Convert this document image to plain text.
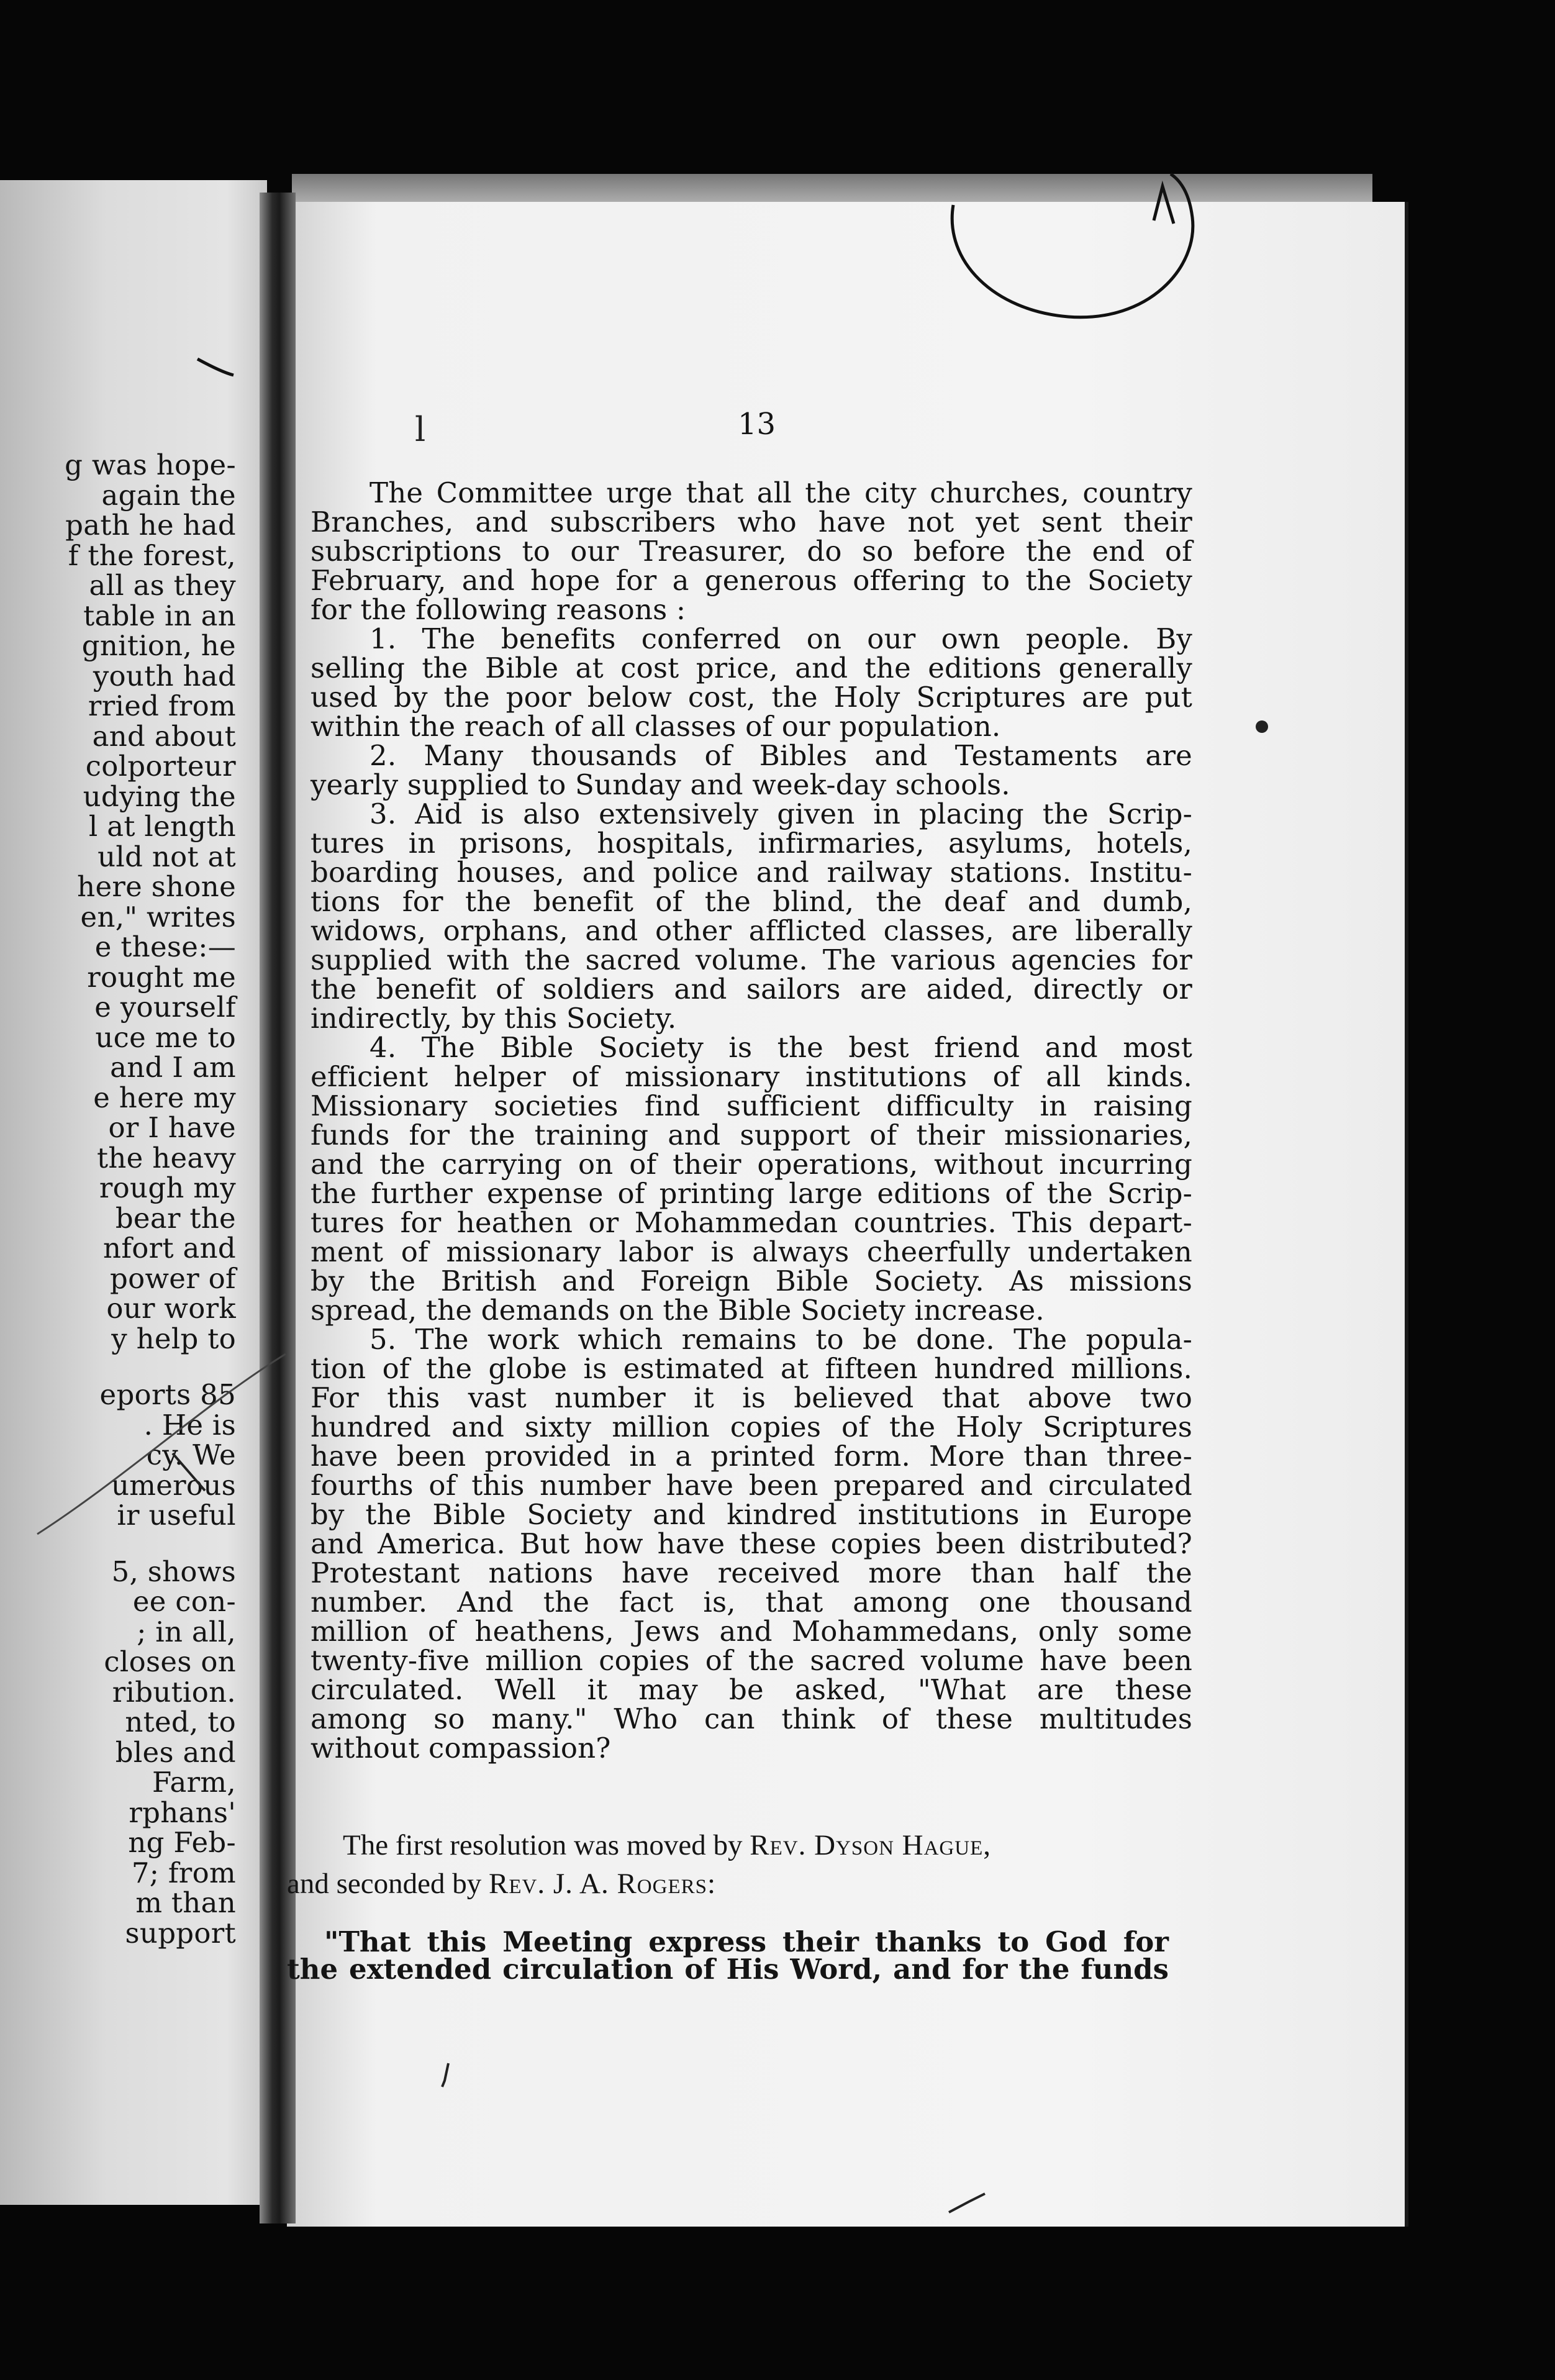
g was hope-
again the
path he had
f the forest,
all as they
table in an
gnition, he
youth had
rried from
and about
colporteur
udying the
l at length
uld not at
here shone
en," writes
e these:—
rought me
e yourself
uce me to
and I am
e here my
or I have
the heavy
rough my
bear the
nfort and
power of
our work
y help to
eports 85
. He is
cy. We
umerous
ir useful
5, shows
ee con-
; in all,
closes on
ribution.
nted, to
bles and
Farm,
rphans'
ng Feb-
7; from
m than
support
l	13
The Committee urge that all the city churches, country
Branches, and subscribers who have not yet sent their
subscriptions to our Treasurer, do so before the end of
February, and hope for a generous offering to the Society
for the following reasons :
1. The benefits conferred on our own people. By
selling the Bible at cost price, and the editions generally
used by the poor below cost, the Holy Scriptures are put
within the reach of all classes of our population.
2. Many thousands of Bibles and Testaments are
yearly supplied to Sunday and week-day schools.
3. Aid is also extensively given in placing the Scrip-
tures in prisons, hospitals, infirmaries, asylums, hotels,
boarding houses, and police and railway stations. Institu-
tions for the benefit of the blind, the deaf and dumb,
widows, orphans, and other afflicted classes, are liberally
supplied with the sacred volume. The various agencies for
the benefit of soldiers and sailors are aided, directly or
indirectly, by this Society.
4. The Bible Society is the best friend and most
efficient helper of missionary institutions of all kinds.
Missionary societies find sufficient difficulty in raising
funds for the training and support of their missionaries,
and the carrying on of their operations, without incurring
the further expense of printing large editions of the Scrip-
tures for heathen or Mohammedan countries. This depart-
ment of missionary labor is always cheerfully undertaken
by the British and Foreign Bible Society. As missions
spread, the demands on the Bible Society increase.
5. The work which remains to be done. The popula-
tion of the globe is estimated at fifteen hundred millions.
For this vast number it is believed that above two
hundred and sixty million copies of the Holy Scriptures
have been provided in a printed form. More than three-
fourths of this number have been prepared and circulated
by the Bible Society and kindred institutions in Europe
and America. But how have these copies been distributed?
Protestant nations have received more than half the
number. And the fact is, that among one thousand
million of heathens, Jews and Mohammedans, only some
twenty-five million copies of the sacred volume have been
circulated. Well it may be asked, "What are these
among so many." Who can think of these multitudes
without compassion?
The first resolution was moved by Rev. Dyson Hague,
and seconded by Rev. J. A. Rogers:
"That this Meeting express their thanks to God for
the extended circulation of His Word, and for the funds
